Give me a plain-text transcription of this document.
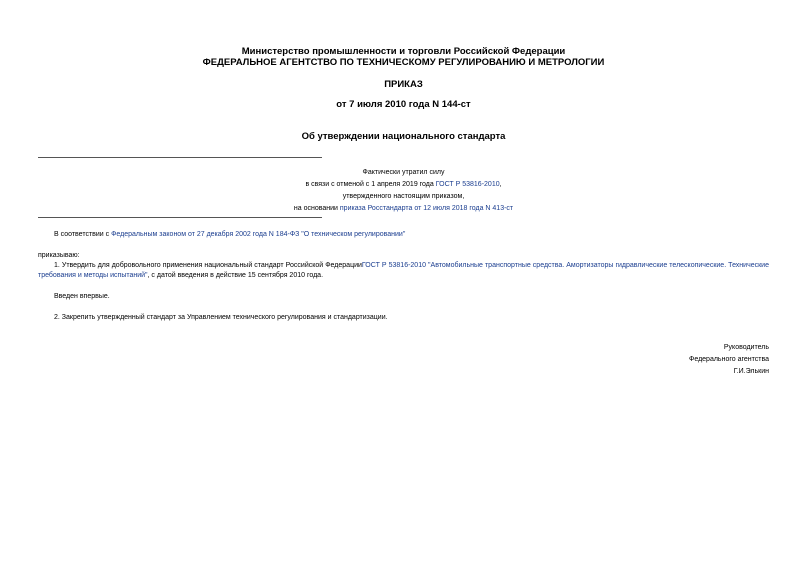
Министерство промышленности и торговли Российской Федерации
ФЕДЕРАЛЬНОЕ АГЕНТСТВО ПО ТЕХНИЧЕСКОМУ РЕГУЛИРОВАНИЮ И МЕТРОЛОГИИ
ПРИКАЗ
от 7 июля 2010 года N 144-ст
Об утверждении национального стандарта
Фактически утратил силу
в связи с отменой с 1 апреля 2019 года ГОСТ Р 53816-2010,
утвержденного настоящим приказом,
на основании приказа Росстандарта от 12 июля 2018 года N 413-ст
В соответствии с Федеральным законом от 27 декабря 2002 года N 184-ФЗ "О техническом регулировании"
приказываю:
1. Утвердить для добровольного применения национальный стандарт Российской ФедерацииГОСТ Р 53816-2010 "Автомобильные транспортные средства. Амортизаторы гидравлические телескопические. Технические требования и методы испытаний", с датой введения в действие 15 сентября 2010 года.
Введен впервые.
2. Закрепить утвержденный стандарт за Управлением технического регулирования и стандартизации.
Руководитель
Федерального агентства
Г.И.Элькин
